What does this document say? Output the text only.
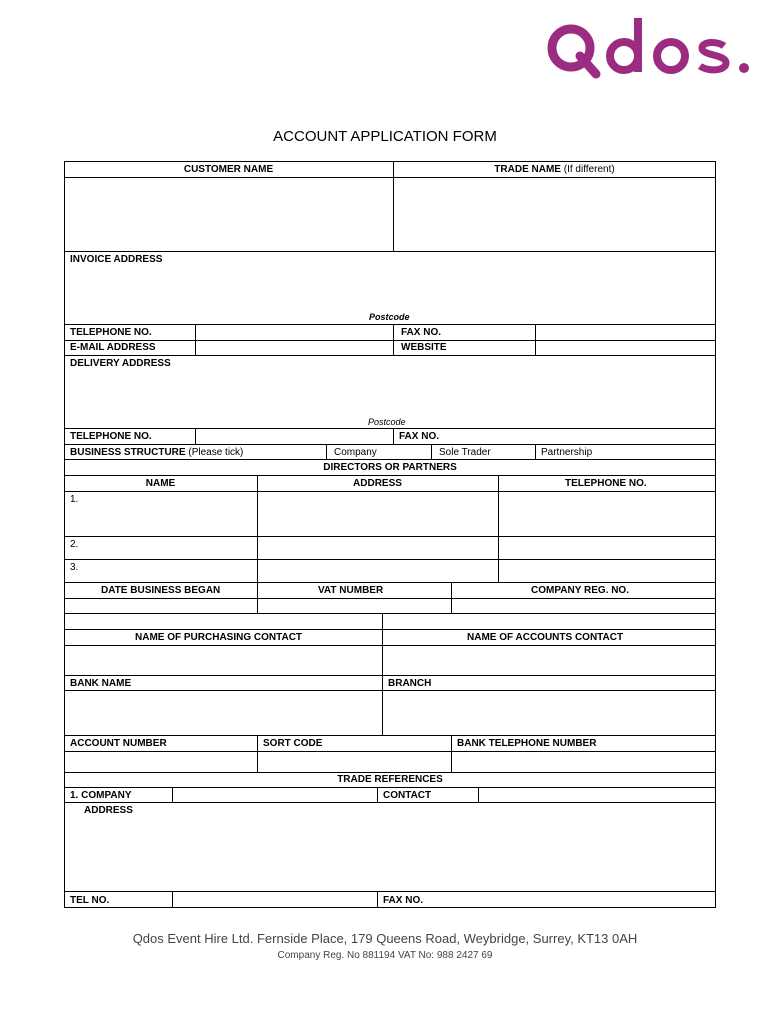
ACCOUNT APPLICATION FORM
CUSTOMER NAME	TRADE NAME (If different)
INVOICE ADDRESS
Postcode
TELEPHONE NO.	FAX NO.
E-MAIL ADDRESS	WEBSITE
DELIVERY ADDRESS
Postcode
TELEPHONE NO.	FAX NO.
BUSINESS STRUCTURE (Please tick)	Company	Sole Trader	Partnership
DIRECTORS OR PARTNERS
NAME	ADDRESS	TELEPHONE NO.
1.
2.
3.
DATE BUSINESS BEGAN	VAT NUMBER	COMPANY REG. NO.
NAME OF PURCHASING CONTACT	NAME OF ACCOUNTS CONTACT
BANK NAME	BRANCH
ACCOUNT NUMBER	SORT CODE	BANK TELEPHONE NUMBER
TRADE REFERENCES
1. COMPANY	CONTACT
ADDRESS
TEL NO.	FAX NO.
Qdos Event Hire Ltd. Fernside Place, 179 Queens Road, Weybridge, Surrey, KT13 0AH
Company Reg. No 881194 VAT No: 988 2427 69
